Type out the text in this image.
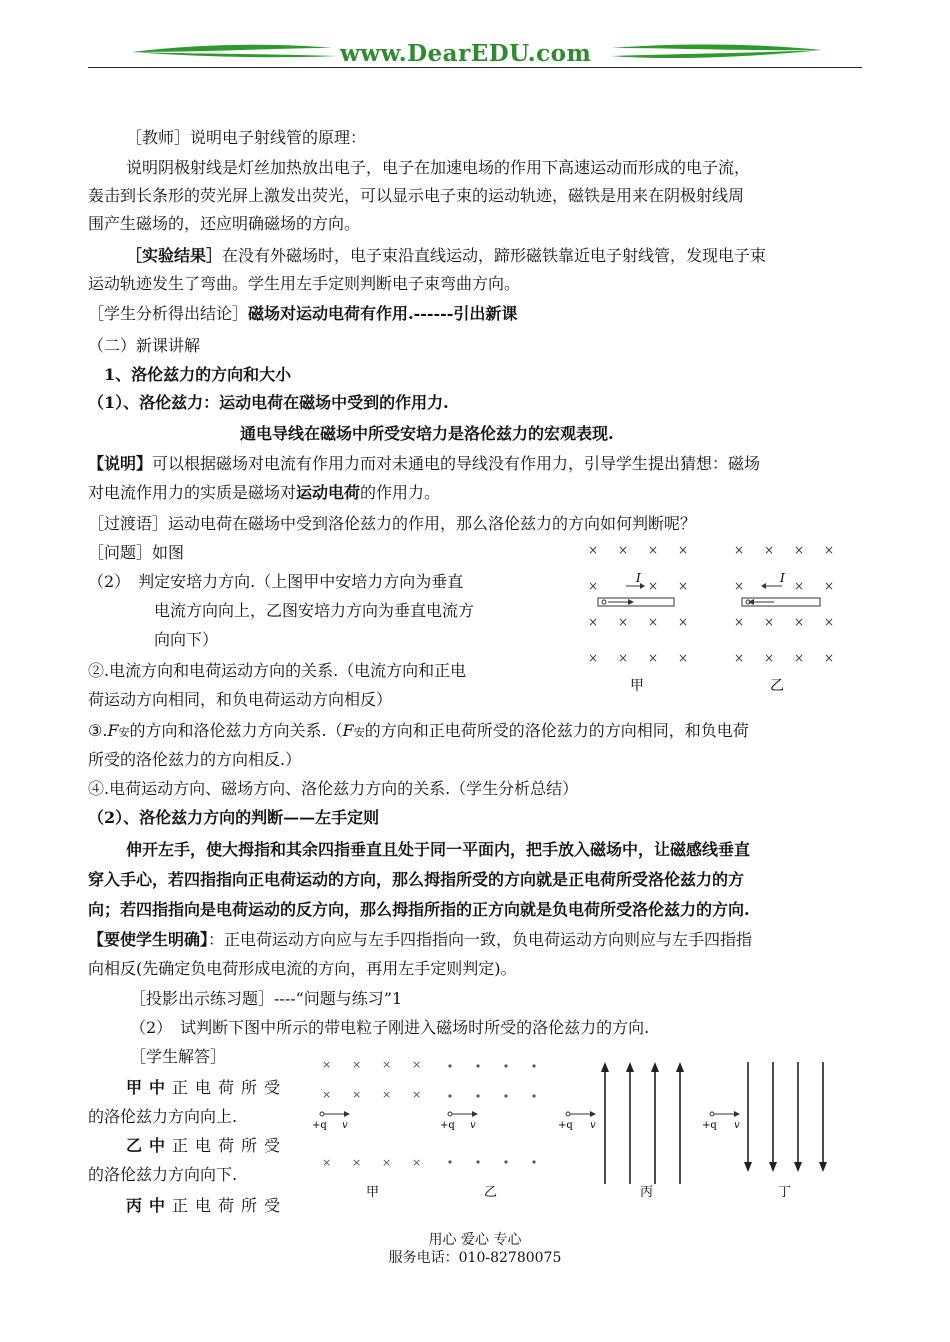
www.DearEDU.com
［教师］说明电子射线管的原理：
说明阴极射线是灯丝加热放出电子，电子在加速电场的作用下高速运动而形成的电子流，
轰击到长条形的荧光屏上激发出荧光，可以显示电子束的运动轨迹，磁铁是用来在阴极射线周
围产生磁场的，还应明确磁场的方向。
［实验结果］在没有外磁场时，电子束沿直线运动，蹄形磁铁靠近电子射线管，发现电子束
运动轨迹发生了弯曲。学生用左手定则判断电子束弯曲方向。
［学生分析得出结论］磁场对运动电荷有作用.------引出新课
（二）新课讲解
1、洛伦兹力的方向和大小
（1）、洛伦兹力：运动电荷在磁场中受到的作用力.
通电导线在磁场中所受安培力是洛伦兹力的宏观表现.
【说明】可以根据磁场对电流有作用力而对未通电的导线没有作用力，引导学生提出猜想：磁场
对电流作用力的实质是磁场对运动电荷的作用力。
［过渡语］运动电荷在磁场中受到洛伦兹力的作用，那么洛伦兹力的方向如何判断呢？
［问题］如图
（2）　判定安培力方向.（上图甲中安培力方向为垂直
电流方向向上，乙图安培力方向为垂直电流方
向向下）
②.电流方向和电荷运动方向的关系.（电流方向和正电
荷运动方向相同，和负电荷运动方向相反）
③.F安的方向和洛伦兹力方向关系.（F安的方向和正电荷所受的洛伦兹力的方向相同，和负电荷
所受的洛伦兹力的方向相反.）
④.电荷运动方向、磁场方向、洛伦兹力方向的关系.（学生分析总结）
（2）、洛伦兹力方向的判断——左手定则
伸开左手，使大拇指和其余四指垂直且处于同一平面内，把手放入磁场中，让磁感线垂直
穿入手心，若四指指向正电荷运动的方向，那么拇指所受的方向就是正电荷所受洛伦兹力的方
向；若四指指向是电荷运动的反方向，那么拇指所指的正方向就是负电荷所受洛伦兹力的方向.
【要使学生明确】：正电荷运动方向应与左手四指指向一致，负电荷运动方向则应与左手四指指
向相反(先确定负电荷形成电流的方向，再用左手定则判定)。
［投影出示练习题］----“问题与练习”1
（2）　试判断下图中所示的带电粒子刚进入磁场时所受的洛伦兹力的方向.
［学生解答］
甲中正电荷所受
的洛伦兹力方向向上.
乙中正电荷所受
的洛伦兹力方向向下.
丙中正电荷所受
× × × ×
×	× ×
× × × ×
× × × ×
× × × ×
×	× ×
× × × ×
× × × ×
I	I
甲	乙
× × × ×
× × × ×
× × × ×
+q v	+q v	+q v	+q v
甲	乙	丙	丁
用心 爱心 专心
服务电话：010-82780075
